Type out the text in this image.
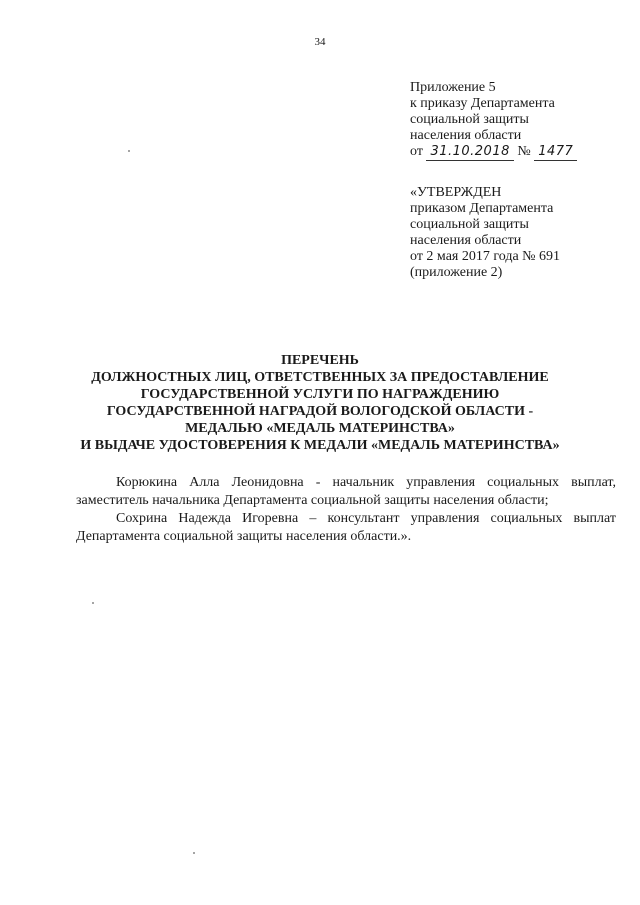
34
Приложение 5
к приказу Департамента
социальной защиты
населения области
от 31.10.2018 № 1477
«УТВЕРЖДЕН
приказом Департамента
социальной защиты
населения области
от 2 мая 2017 года № 691
(приложение 2)
ПЕРЕЧЕНЬ
ДОЛЖНОСТНЫХ ЛИЦ, ОТВЕТСТВЕННЫХ ЗА ПРЕДОСТАВЛЕНИЕ
ГОСУДАРСТВЕННОЙ УСЛУГИ ПО НАГРАЖДЕНИЮ
ГОСУДАРСТВЕННОЙ НАГРАДОЙ ВОЛОГОДСКОЙ ОБЛАСТИ -
МЕДАЛЬЮ «МЕДАЛЬ МАТЕРИНСТВА»
И ВЫДАЧЕ УДОСТОВЕРЕНИЯ К МЕДАЛИ «МЕДАЛЬ МАТЕРИНСТВА»

Корюкина Алла Леонидовна - начальник управления социальных выплат, заместитель начальника Департамента социальной защиты населения области;

Сохрина Надежда Игоревна – консультант управления социальных выплат Департамента социальной защиты населения области.».
